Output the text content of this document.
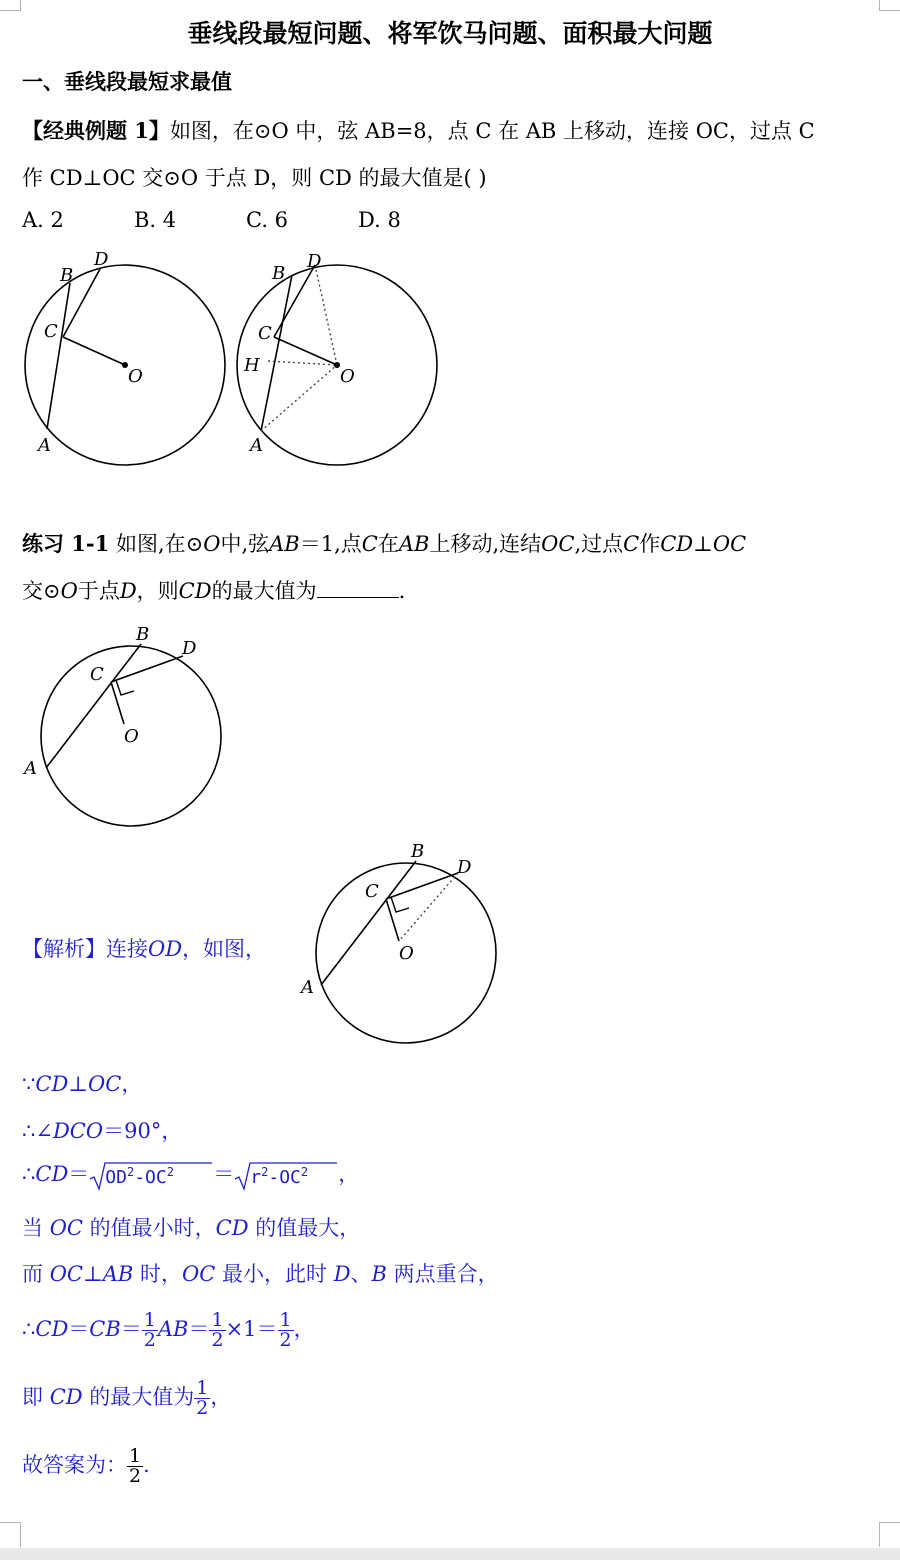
垂线段最短问题、将军饮马问题、面积最大问题
一、垂线段最短求最值
【经典例题 1】如图，在⊙O 中，弦 AB=8，点 C 在 AB 上移动，连接 OC，过点 C
作 CD⊥OC 交⊙O 于点 D，则 CD 的最大值是( )
A. 2	B. 4	C. 6	D. 8
B
D
C
O
A
B
D
C
H
O
A
练习 1-1 如图,在⊙O中,弦AB＝1,点C在AB上移动,连结OC,过点C作CD⊥OC
交⊙O于点D，则CD的最大值为	.
B
D
C
O
A
【解析】连接OD，如图，
B
D
C
O
A
∵CD⊥OC，
∴∠DCO＝90°，
∴CD＝ $OD^2-OC^2 = r^2-OC^2$ ，
当 OC 的值最小时，CD 的值最大，
而 OC⊥AB 时，OC 最小，此时 D、B 两点重合，
∴CD＝CB＝ $\frac{1}{2} AB= \frac{1}{2} \times 1= \frac{1}{2}$ ，
即 CD 的最大值为 $\frac{1}{2}$ ，
故答案为： $\frac{1}{2}$ .
